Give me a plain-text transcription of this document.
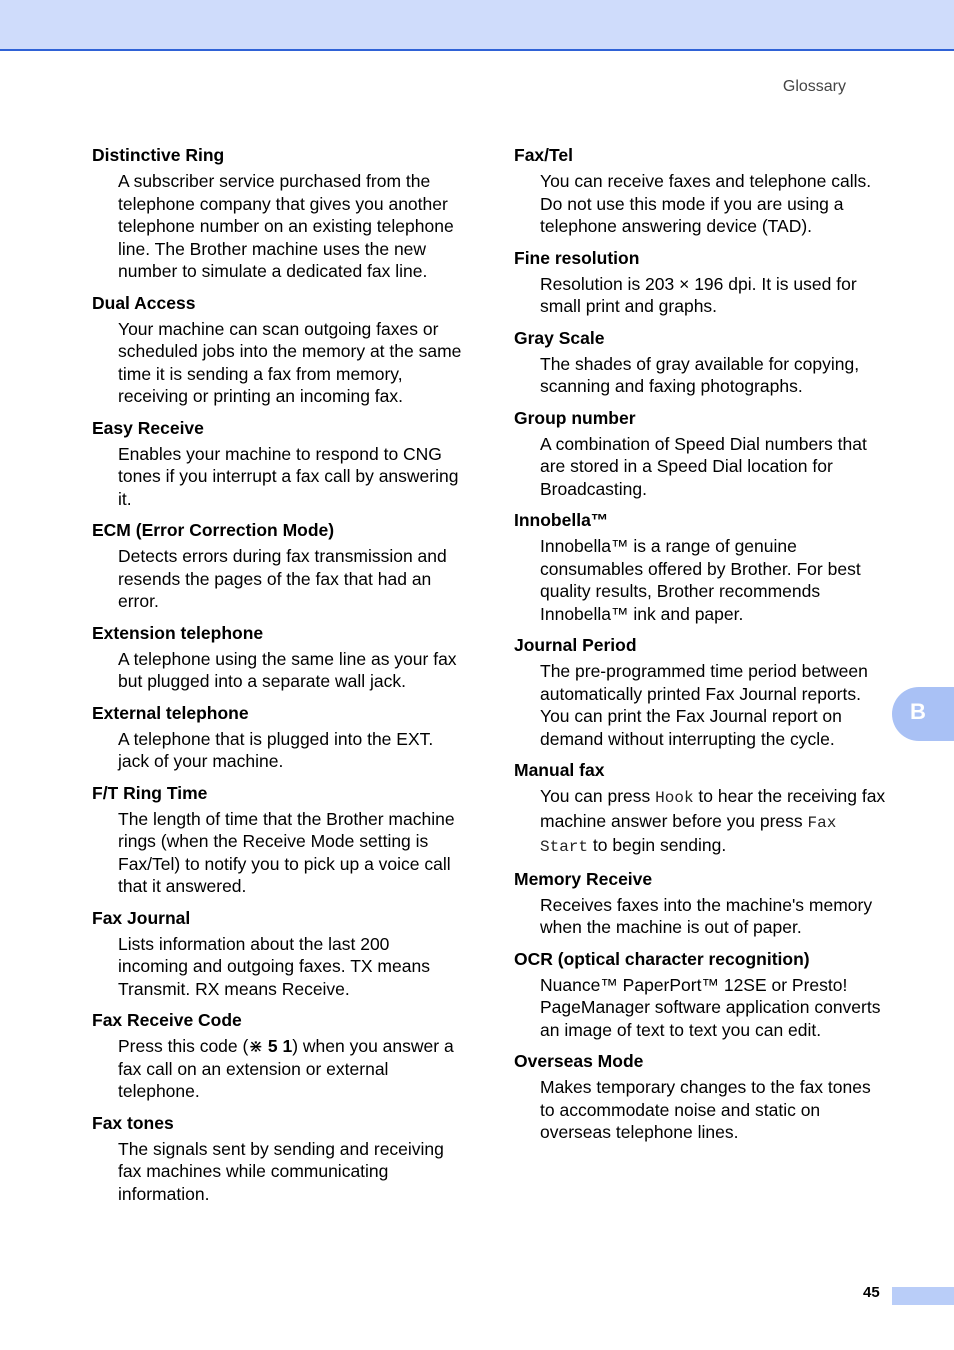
Glossary

Distinctive Ring

A subscriber service purchased from the telephone company that gives you another telephone number on an existing telephone line. The Brother machine uses the new number to simulate a dedicated fax line.

Dual Access

Your machine can scan outgoing faxes or scheduled jobs into the memory at the same time it is sending a fax from memory, receiving or printing an incoming fax.

Easy Receive

Enables your machine to respond to CNG tones if you interrupt a fax call by answering it.

ECM (Error Correction Mode)

Detects errors during fax transmission and resends the pages of the fax that had an error.

Extension telephone

A telephone using the same line as your fax but plugged into a separate wall jack.

External telephone

A telephone that is plugged into the EXT. jack of your machine.

F/T Ring Time

The length of time that the Brother machine rings (when the Receive Mode setting is Fax/Tel) to notify you to pick up a voice call that it answered.

Fax Journal

Lists information about the last 200 incoming and outgoing faxes. TX means Transmit. RX means Receive.

Fax Receive Code

Press this code (⋇ 5 1) when you answer a fax call on an extension or external telephone.

Fax tones

The signals sent by sending and receiving fax machines while communicating information.

Fax/Tel

You can receive faxes and telephone calls. Do not use this mode if you are using a telephone answering device (TAD).

Fine resolution

Resolution is 203 × 196 dpi. It is used for small print and graphs.

Gray Scale

The shades of gray available for copying, scanning and faxing photographs.

Group number

A combination of Speed Dial numbers that are stored in a Speed Dial location for Broadcasting.

Innobella™

Innobella™ is a range of genuine consumables offered by Brother. For best quality results, Brother recommends Innobella™ ink and paper.

Journal Period

The pre-programmed time period between automatically printed Fax Journal reports. You can print the Fax Journal report on demand without interrupting the cycle.

Manual fax

You can press Hook to hear the receiving fax machine answer before you press Fax Start to begin sending.

Memory Receive

Receives faxes into the machine's memory when the machine is out of paper.

OCR (optical character recognition)

Nuance™ PaperPort™ 12SE or Presto! PageManager software application converts an image of text to text you can edit.

Overseas Mode

Makes temporary changes to the fax tones to accommodate noise and static on overseas telephone lines.

B
45
